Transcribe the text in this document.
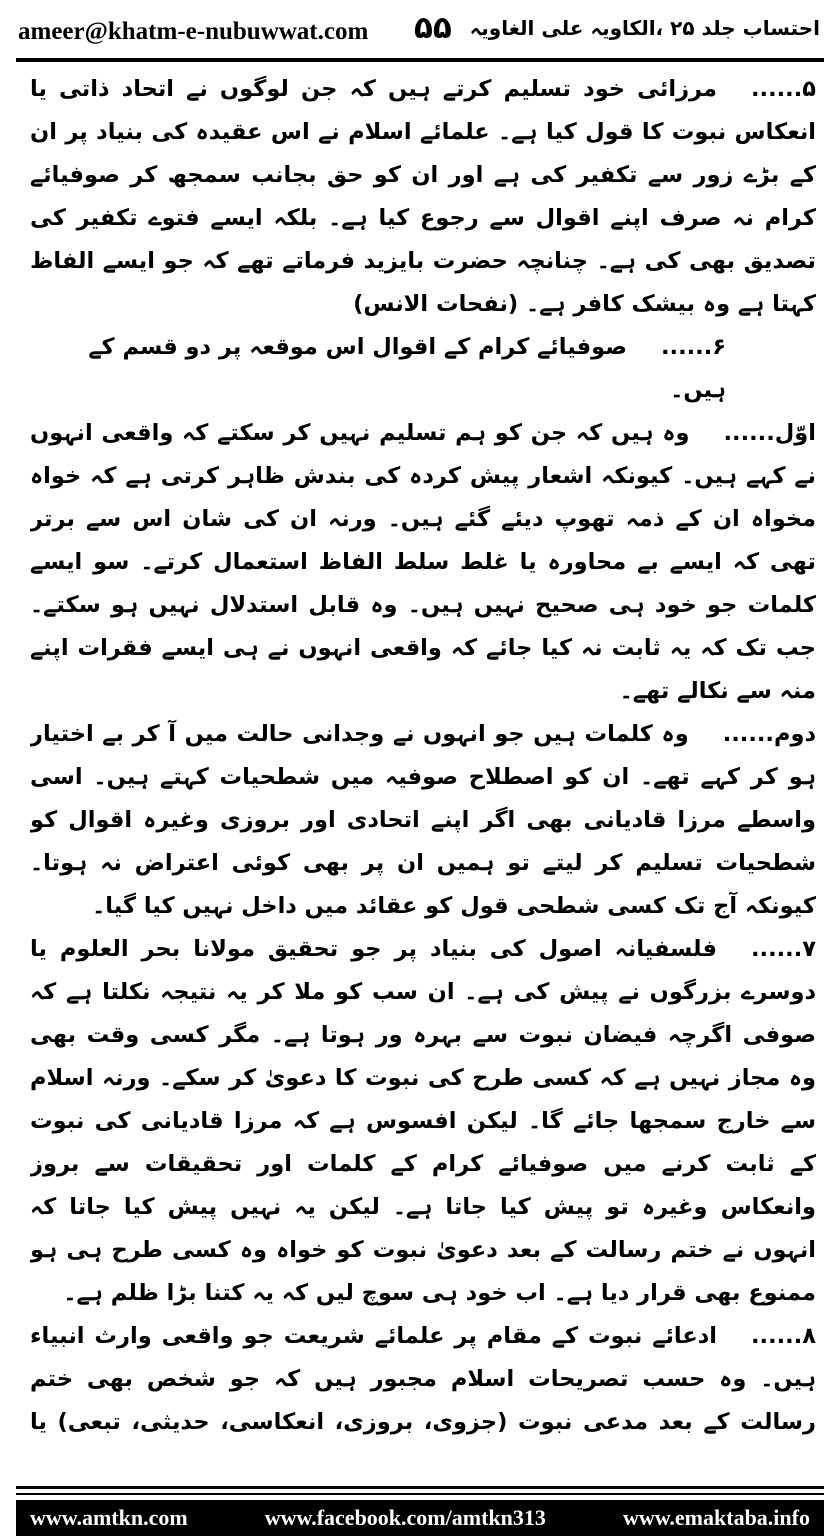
ameer@khatm-e-nubuwwat.com ۵۵ احتساب جلد ۲۵ ،الکاویہ علی الغاویہ

۵......مرزائی خود تسلیم کرتے ہیں کہ جن لوگوں نے اتحاد ذاتی یا انعکاس نبوت کا قول کیا ہے۔ علمائے اسلام نے اس عقیدہ کی بنیاد پر ان کے بڑے زور سے تکفیر کی ہے اور ان کو حق بجانب سمجھ کر صوفیائے کرام نہ صرف اپنے اقوال سے رجوع کیا ہے۔ بلکہ ایسے فتوے تکفیر کی تصدیق بھی کی ہے۔ چنانچہ حضرت بایزید فرماتے تھے کہ جو ایسے الفاظ کہتا ہے وہ بیشک کافر ہے۔ (نفحات الانس)

۶......صوفیائے کرام کے اقوال اس موقعہ پر دو قسم کے ہیں۔

اوّل......وہ ہیں کہ جن کو ہم تسلیم نہیں کر سکتے کہ واقعی انہوں نے کہے ہیں۔ کیونکہ اشعار پیش کردہ کی بندش ظاہر کرتی ہے کہ خواہ مخواہ ان کے ذمہ تھوپ دیئے گئے ہیں۔ ورنہ ان کی شان اس سے برتر تھی کہ ایسے بے محاورہ یا غلط سلط الفاظ استعمال کرتے۔ سو ایسے کلمات جو خود ہی صحیح نہیں ہیں۔ وہ قابل استدلال نہیں ہو سکتے۔ جب تک کہ یہ ثابت نہ کیا جائے کہ واقعی انہوں نے ہی ایسے فقرات اپنے منہ سے نکالے تھے۔

دوم......وہ کلمات ہیں جو انہوں نے وجدانی حالت میں آ کر بے اختیار ہو کر کہے تھے۔ ان کو اصطلاح صوفیہ میں شطحیات کہتے ہیں۔ اسی واسطے مرزا قادیانی بھی اگر اپنے اتحادی اور بروزی وغیرہ اقوال کو شطحیات تسلیم کر لیتے تو ہمیں ان پر بھی کوئی اعتراض نہ ہوتا۔ کیونکہ آج تک کسی شطحی قول کو عقائد میں داخل نہیں کیا گیا۔

۷......فلسفیانہ اصول کی بنیاد پر جو تحقیق مولانا بحر العلوم یا دوسرے بزرگوں نے پیش کی ہے۔ ان سب کو ملا کر یہ نتیجہ نکلتا ہے کہ صوفی اگرچہ فیضان نبوت سے بہرہ ور ہوتا ہے۔ مگر کسی وقت بھی وہ مجاز نہیں ہے کہ کسی طرح کی نبوت کا دعویٰ کر سکے۔ ورنہ اسلام سے خارج سمجھا جائے گا۔ لیکن افسوس ہے کہ مرزا قادیانی کی نبوت کے ثابت کرنے میں صوفیائے کرام کے کلمات اور تحقیقات سے بروز وانعکاس وغیرہ تو پیش کیا جاتا ہے۔ لیکن یہ نہیں پیش کیا جاتا کہ انہوں نے ختم رسالت کے بعد دعویٰ نبوت کو خواہ وہ کسی طرح ہی ہو ممنوع بھی قرار دیا ہے۔ اب خود ہی سوچ لیں کہ یہ کتنا بڑا ظلم ہے۔

۸......ادعائے نبوت کے مقام پر علمائے شریعت جو واقعی وارث انبیاء ہیں۔ وہ حسب تصریحات اسلام مجبور ہیں کہ جو شخص بھی ختم رسالت کے بعد مدعی نبوت (جزوی، بروزی، انعکاسی، حدیثی، تبعی) یا

www.amtkn.com	www.facebook.com/amtkn313	www.emaktaba.info
